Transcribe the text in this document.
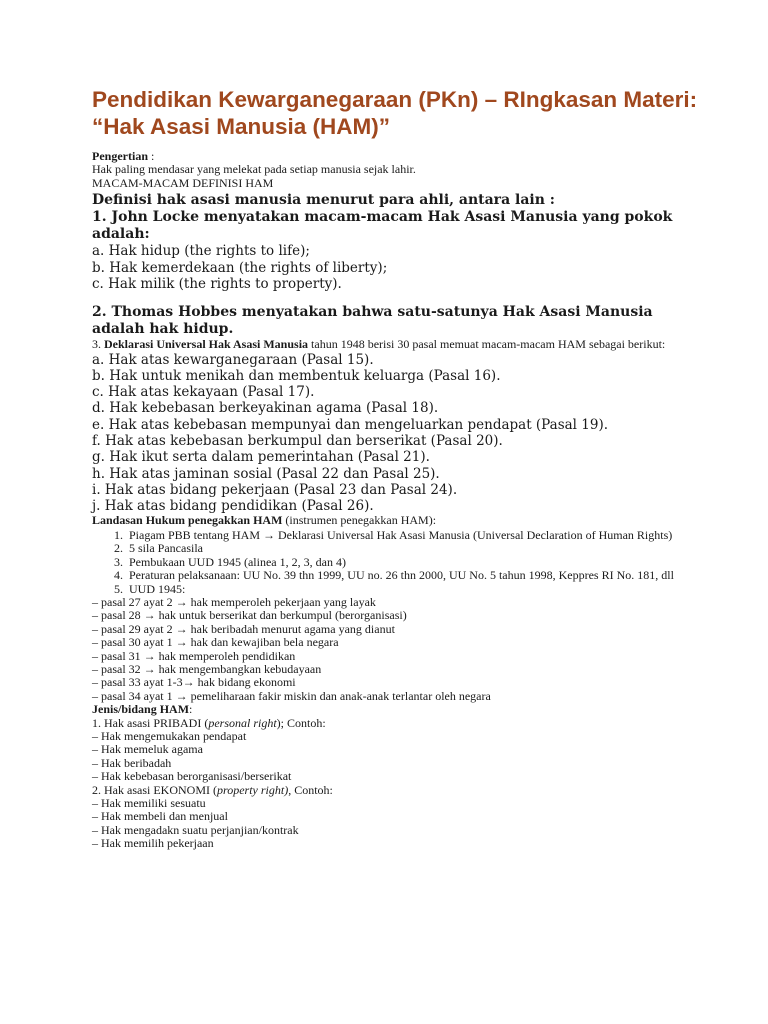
Pendidikan Kewarganegaraan (PKn) – RIngkasan Materi: “Hak Asasi Manusia (HAM)”
Pengertian :
Hak paling mendasar yang melekat pada setiap manusia sejak lahir.
MACAM-MACAM DEFINISI HAM
Definisi hak asasi manusia menurut para ahli, antara lain :
1. John Locke menyatakan macam-macam Hak Asasi Manusia yang pokok adalah:
a. Hak hidup (the rights to life);
b. Hak kemerdekaan (the rights of liberty);
c. Hak milik (the rights to property).
2. Thomas Hobbes menyatakan bahwa satu-satunya Hak Asasi Manusia adalah hak hidup.
3. Deklarasi Universal Hak Asasi Manusia tahun 1948 berisi 30 pasal memuat macam-macam HAM sebagai berikut:
a. Hak atas kewarganegaraan (Pasal 15).
b. Hak untuk menikah dan membentuk keluarga (Pasal 16).
c. Hak atas kekayaan (Pasal 17).
d. Hak kebebasan berkeyakinan agama (Pasal 18).
e. Hak atas kebebasan mempunyai dan mengeluarkan pendapat (Pasal 19).
f. Hak atas kebebasan berkumpul dan berserikat (Pasal 20).
g. Hak ikut serta dalam pemerintahan (Pasal 21).
h. Hak atas jaminan sosial (Pasal 22 dan Pasal 25).
i. Hak atas bidang pekerjaan (Pasal 23 dan Pasal 24).
j. Hak atas bidang pendidikan (Pasal 26).
Landasan Hukum penegakkan HAM (instrumen penegakkan HAM):
1. Piagam PBB tentang HAM → Deklarasi Universal Hak Asasi Manusia (Universal Declaration of Human Rights)
2. 5 sila Pancasila
3. Pembukaan UUD 1945 (alinea 1, 2, 3, dan 4)
4. Peraturan pelaksanaan: UU No. 39 thn 1999, UU no. 26 thn 2000, UU No. 5 tahun 1998, Keppres RI No. 181, dll
5. UUD 1945:
– pasal 27 ayat 2 → hak memperoleh pekerjaan yang layak
– pasal 28 → hak untuk berserikat dan berkumpul (berorganisasi)
– pasal 29 ayat 2 → hak beribadah menurut agama yang dianut
– pasal 30 ayat 1 → hak dan kewajiban bela negara
– pasal 31 → hak memperoleh pendidikan
– pasal 32 → hak mengembangkan kebudayaan
– pasal 33 ayat 1-3→ hak bidang ekonomi
– pasal 34 ayat 1 → pemeliharaan fakir miskin dan anak-anak terlantar oleh negara
Jenis/bidang HAM:
1. Hak asasi PRIBADI (personal right); Contoh:
– Hak mengemukakan pendapat
– Hak memeluk agama
– Hak beribadah
– Hak kebebasan berorganisasi/berserikat
2. Hak asasi EKONOMI (property right), Contoh:
– Hak memiliki sesuatu
– Hak membeli dan menjual
– Hak mengadakn suatu perjanjian/kontrak
– Hak memilih pekerjaan
